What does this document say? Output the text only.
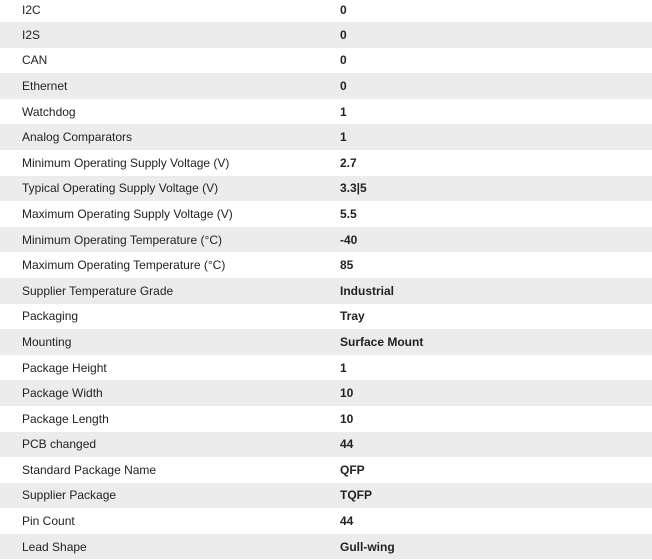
I2C	0
I2S	0
CAN	0
Ethernet	0
Watchdog	1
Analog Comparators	1
Minimum Operating Supply Voltage (V)	2.7
Typical Operating Supply Voltage (V)	3.3|5
Maximum Operating Supply Voltage (V)	5.5
Minimum Operating Temperature (°C)	-40
Maximum Operating Temperature (°C)	85
Supplier Temperature Grade	Industrial
Packaging	Tray
Mounting	Surface Mount
Package Height	1
Package Width	10
Package Length	10
PCB changed	44
Standard Package Name	QFP
Supplier Package	TQFP
Pin Count	44
Lead Shape	Gull-wing
